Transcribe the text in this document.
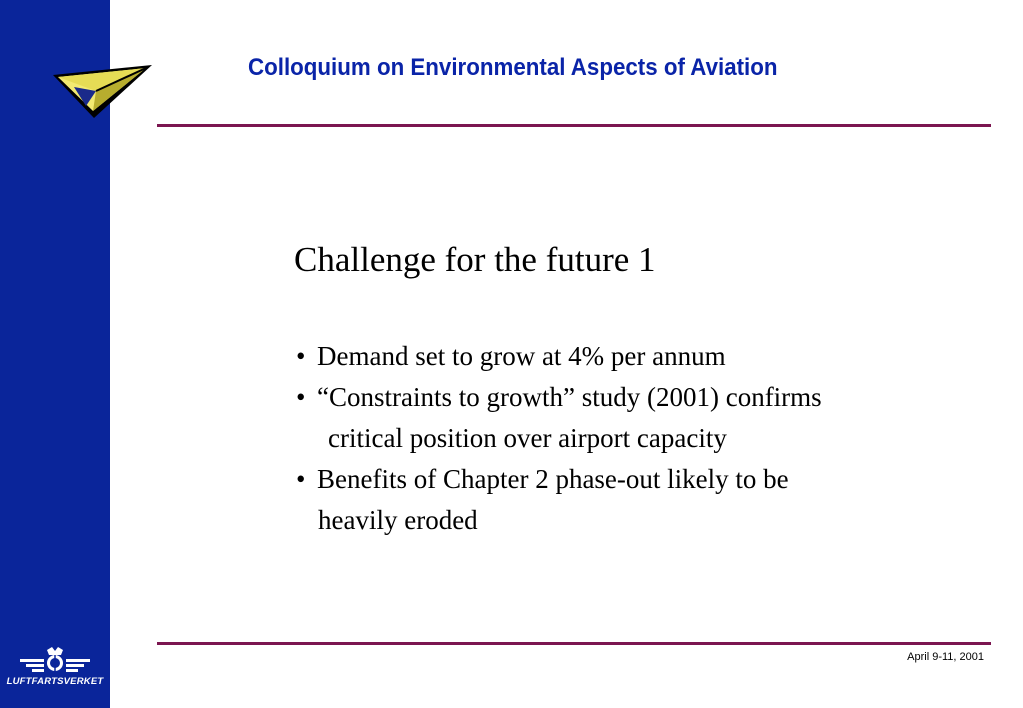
LUFTFARTSVERKET
Colloquium on Environmental Aspects of Aviation
Challenge for the future 1
• Demand set to grow at 4% per annum
• “Constraints to growth” study (2001) confirms
critical position over airport capacity
• Benefits of Chapter 2 phase-out likely to be
heavily eroded
April 9-11, 2001
